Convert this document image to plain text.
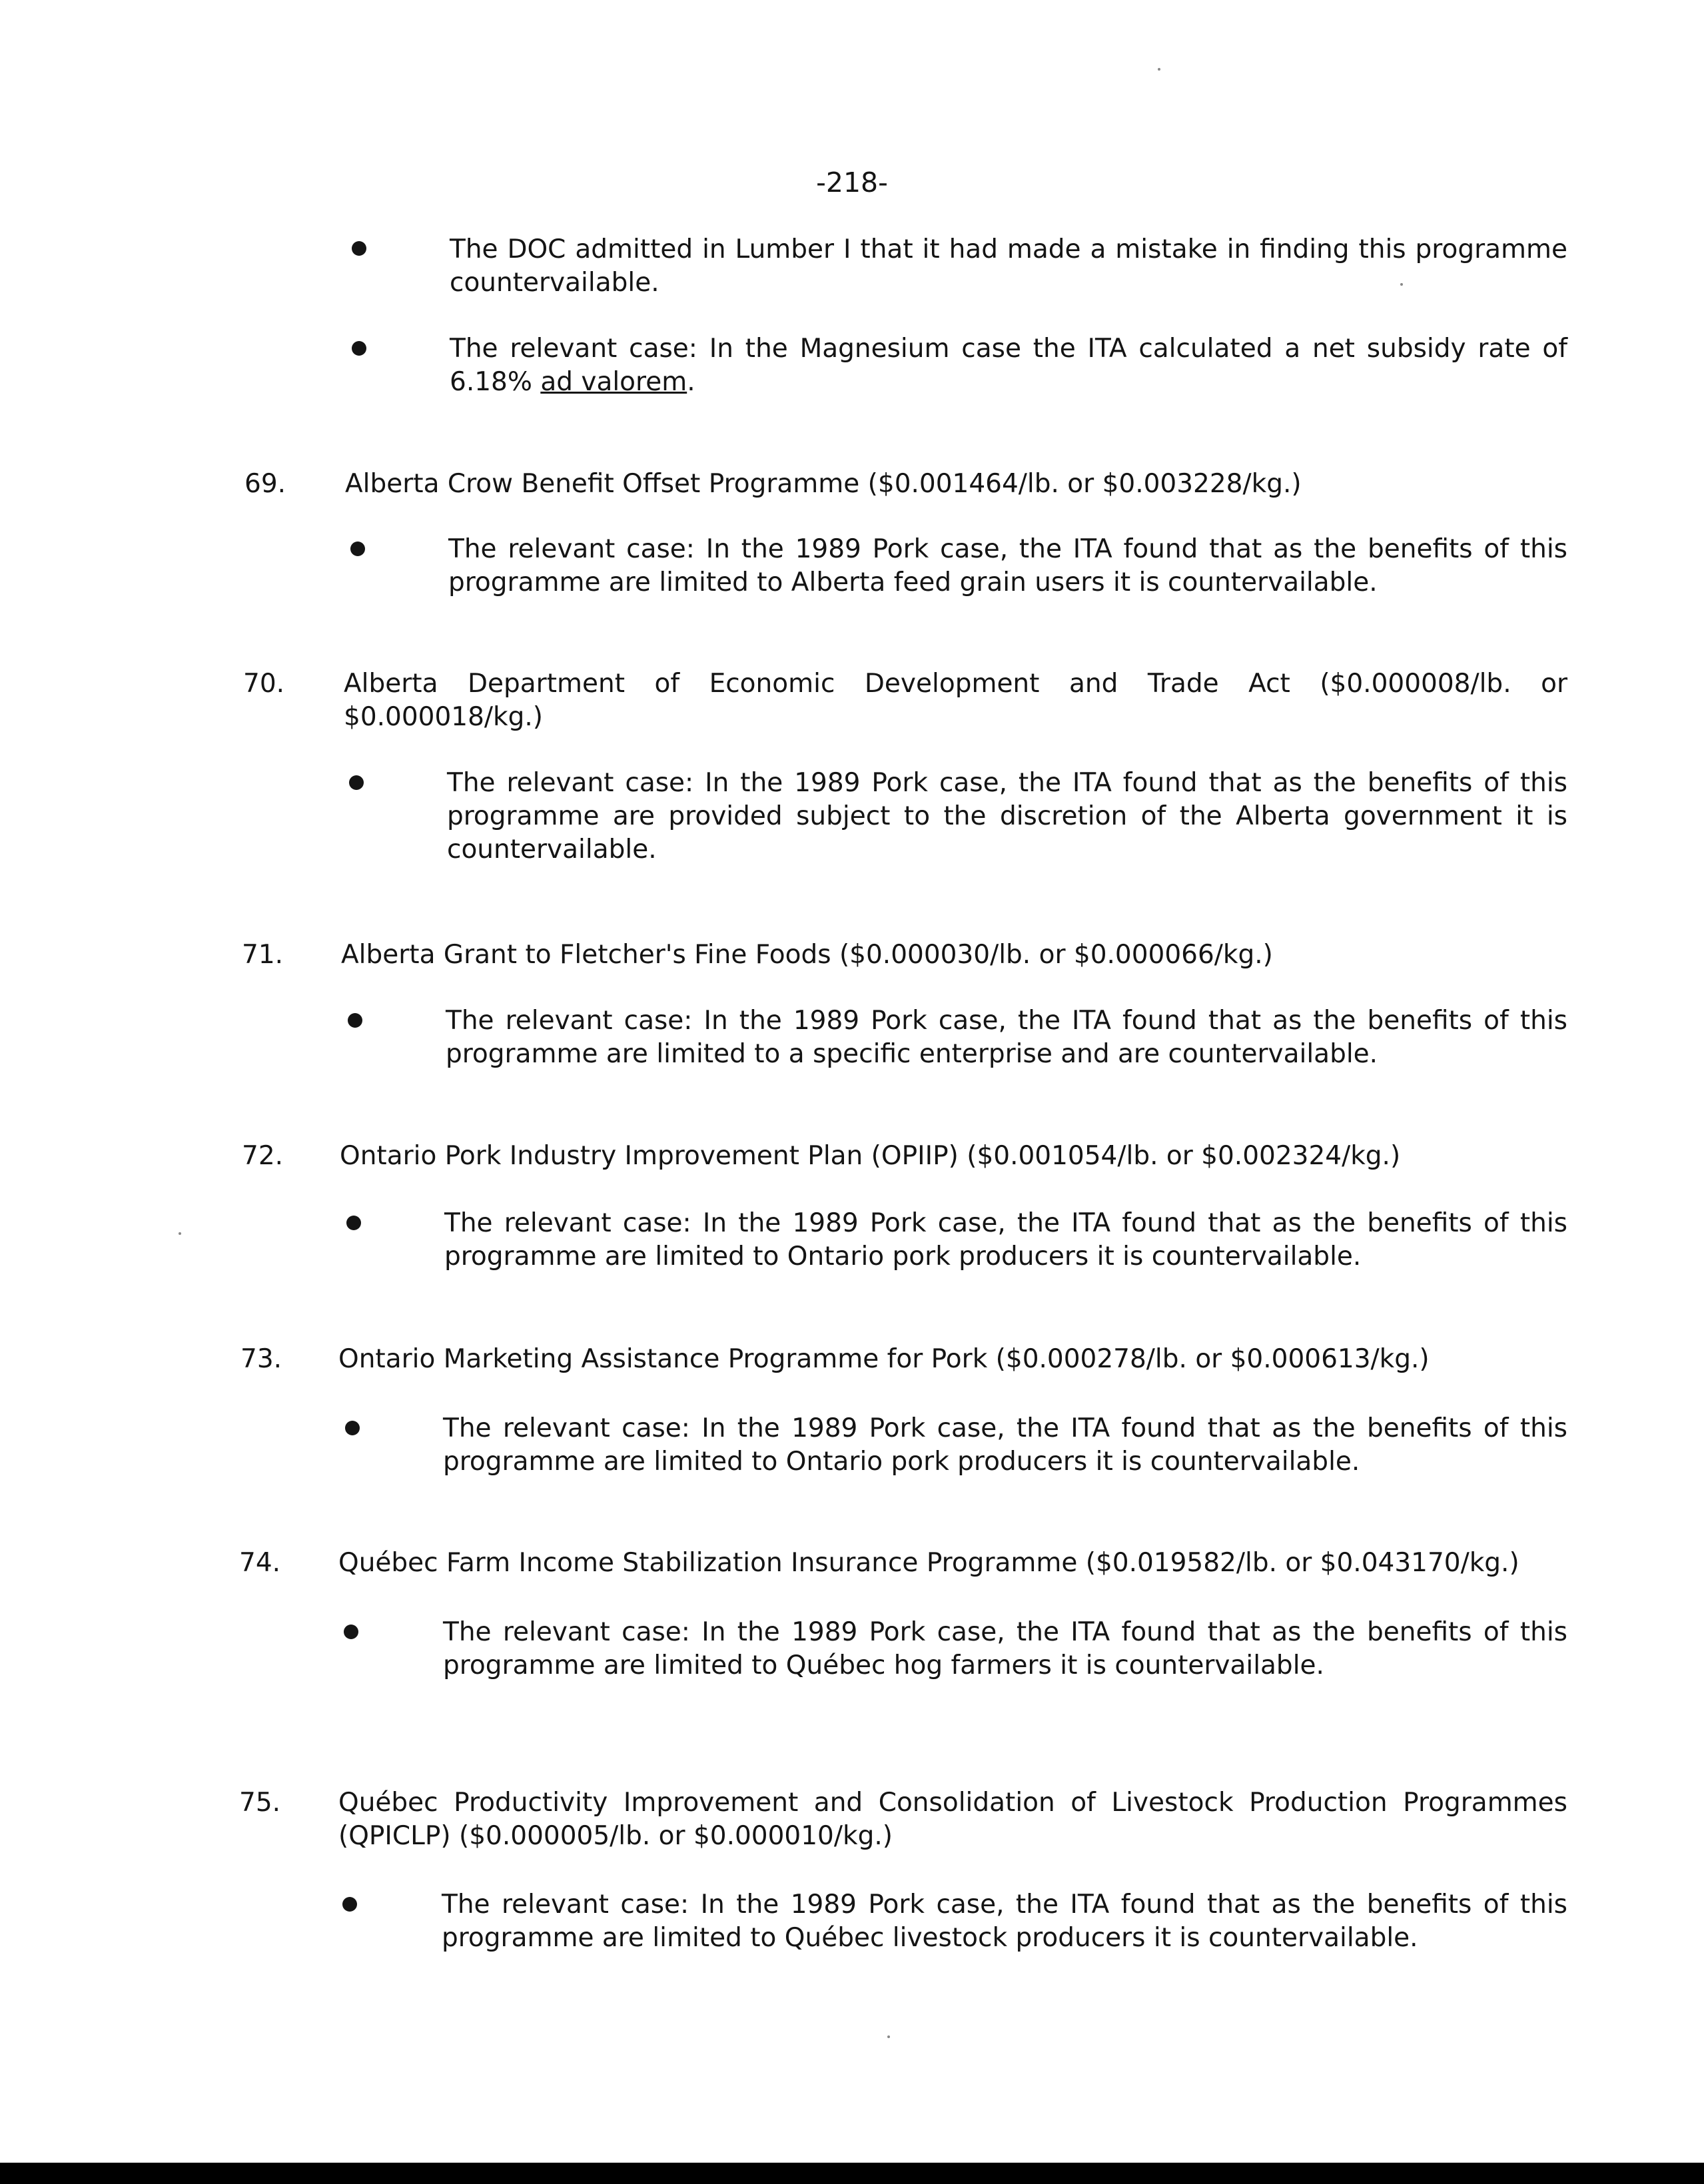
-218-
The DOC admitted in Lumber I that it had made a mistake in finding this programme countervailable.
The relevant case: In the Magnesium case the ITA calculated a net subsidy rate of 6.18% ad valorem.
69. Alberta Crow Benefit Offset Programme ($0.001464/lb. or $0.003228/kg.)
The relevant case: In the 1989 Pork case, the ITA found that as the benefits of this programme are limited to Alberta feed grain users it is countervailable.
70. Alberta Department of Economic Development and Trade Act ($0.000008/lb. or $0.000018/kg.)
The relevant case: In the 1989 Pork case, the ITA found that as the benefits of this programme are provided subject to the discretion of the Alberta government it is countervailable.
71. Alberta Grant to Fletcher's Fine Foods ($0.000030/lb. or $0.000066/kg.)
The relevant case: In the 1989 Pork case, the ITA found that as the benefits of this programme are limited to a specific enterprise and are countervailable.
72. Ontario Pork Industry Improvement Plan (OPIIP) ($0.001054/lb. or $0.002324/kg.)
The relevant case: In the 1989 Pork case, the ITA found that as the benefits of this programme are limited to Ontario pork producers it is countervailable.
73. Ontario Marketing Assistance Programme for Pork ($0.000278/lb. or $0.000613/kg.)
The relevant case: In the 1989 Pork case, the ITA found that as the benefits of this programme are limited to Ontario pork producers it is countervailable.
74. Québec Farm Income Stabilization Insurance Programme ($0.019582/lb. or $0.043170/kg.)
The relevant case: In the 1989 Pork case, the ITA found that as the benefits of this programme are limited to Québec hog farmers it is countervailable.
75. Québec Productivity Improvement and Consolidation of Livestock Production Programmes (QPICLP) ($0.000005/lb. or $0.000010/kg.)
The relevant case: In the 1989 Pork case, the ITA found that as the benefits of this programme are limited to Québec livestock producers it is countervailable.
